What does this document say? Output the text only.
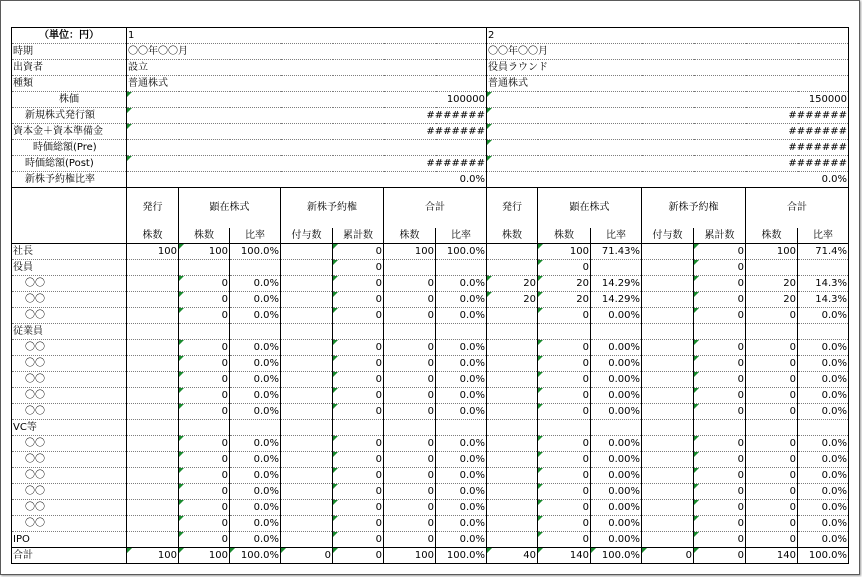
（単位：円）	1							2						
時期	〇〇年〇〇月							〇〇年〇〇月						
出資者	設立							役員ラウンド						
種類	普通株式							普通株式						
株価	100000							150000						
新規株式発行額	#######							#######						
資本金＋資本準備金	#######							#######						
時価総額(Pre)								#######						
時価総額(Post)	#######							#######						
新株予約権比率	0.0%							0.0%						
	発行	顕在株式		新株予約権		合計		発行	顕在株式		新株予約権		合計	
	株数	株数	比率	付与数	累計数	株数	比率	株数	株数	比率	付与数	累計数	株数	比率
社長	100	100	100.0%		0	100	100.0%		100	71.43%		0	100	71.4%
役員					0				0			0		
〇〇		0	0.0%		0	0	0.0%	20	20	14.29%		0	20	14.3%
〇〇		0	0.0%		0	0	0.0%	20	20	14.29%		0	20	14.3%
〇〇		0	0.0%		0	0	0.0%		0	0.00%		0	0	0.0%
従業員														
〇〇		0	0.0%		0	0	0.0%		0	0.00%		0	0	0.0%
〇〇		0	0.0%		0	0	0.0%		0	0.00%		0	0	0.0%
〇〇		0	0.0%		0	0	0.0%		0	0.00%		0	0	0.0%
〇〇		0	0.0%		0	0	0.0%		0	0.00%		0	0	0.0%
〇〇		0	0.0%		0	0	0.0%		0	0.00%		0	0	0.0%
VC等														
〇〇		0	0.0%		0	0	0.0%		0	0.00%		0	0	0.0%
〇〇		0	0.0%		0	0	0.0%		0	0.00%		0	0	0.0%
〇〇		0	0.0%		0	0	0.0%		0	0.00%		0	0	0.0%
〇〇		0	0.0%		0	0	0.0%		0	0.00%		0	0	0.0%
〇〇		0	0.0%		0	0	0.0%		0	0.00%		0	0	0.0%
〇〇		0	0.0%		0	0	0.0%		0	0.00%		0	0	0.0%
IPO		0	0.0%		0	0	0.0%		0	0.00%		0	0	0.0%
合計	100	100	100.0%	0	0	100	100.0%	40	140	100.0%	0	0	140	100.0%
